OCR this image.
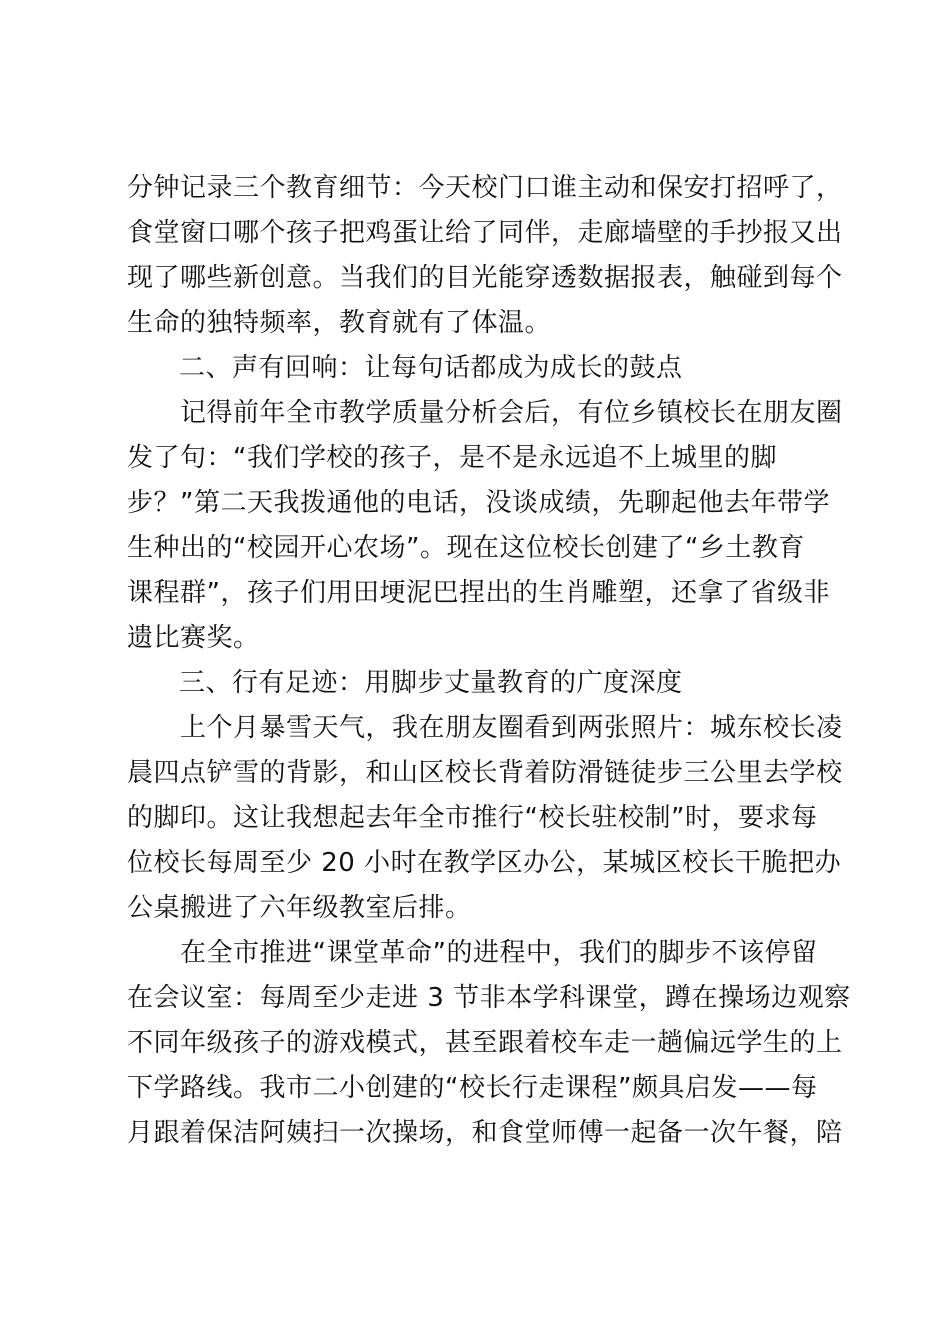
分钟记录三个教育细节：今天校门口谁主动和保安打招呼了，
食堂窗口哪个孩子把鸡蛋让给了同伴，走廊墙壁的手抄报又出
现了哪些新创意。当我们的目光能穿透数据报表，触碰到每个
生命的独特频率，教育就有了体温。
二、声有回响：让每句话都成为成长的鼓点
　　记得前年全市教学质量分析会后，有位乡镇校长在朋友圈
发了句：“我们学校的孩子，是不是永远追不上城里的脚
步？”第二天我拨通他的电话，没谈成绩，先聊起他去年带学
生种出的“校园开心农场”。现在这位校长创建了“乡土教育
课程群”，孩子们用田埂泥巴捏出的生肖雕塑，还拿了省级非
遗比赛奖。
三、行有足迹：用脚步丈量教育的广度深度
　　上个月暴雪天气，我在朋友圈看到两张照片：城东校长凌
晨四点铲雪的背影，和山区校长背着防滑链徒步三公里去学校
的脚印。这让我想起去年全市推行“校长驻校制”时，要求每
位校长每周至少 20 小时在教学区办公，某城区校长干脆把办
公桌搬进了六年级教室后排。
　　在全市推进“课堂革命”的进程中，我们的脚步不该停留
在会议室：每周至少走进 3 节非本学科课堂，蹲在操场边观察
不同年级孩子的游戏模式，甚至跟着校车走一趟偏远学生的上
下学路线。我市二小创建的“校长行走课程”颇具启发——每
月跟着保洁阿姨扫一次操场，和食堂师傅一起备一次午餐，陪
